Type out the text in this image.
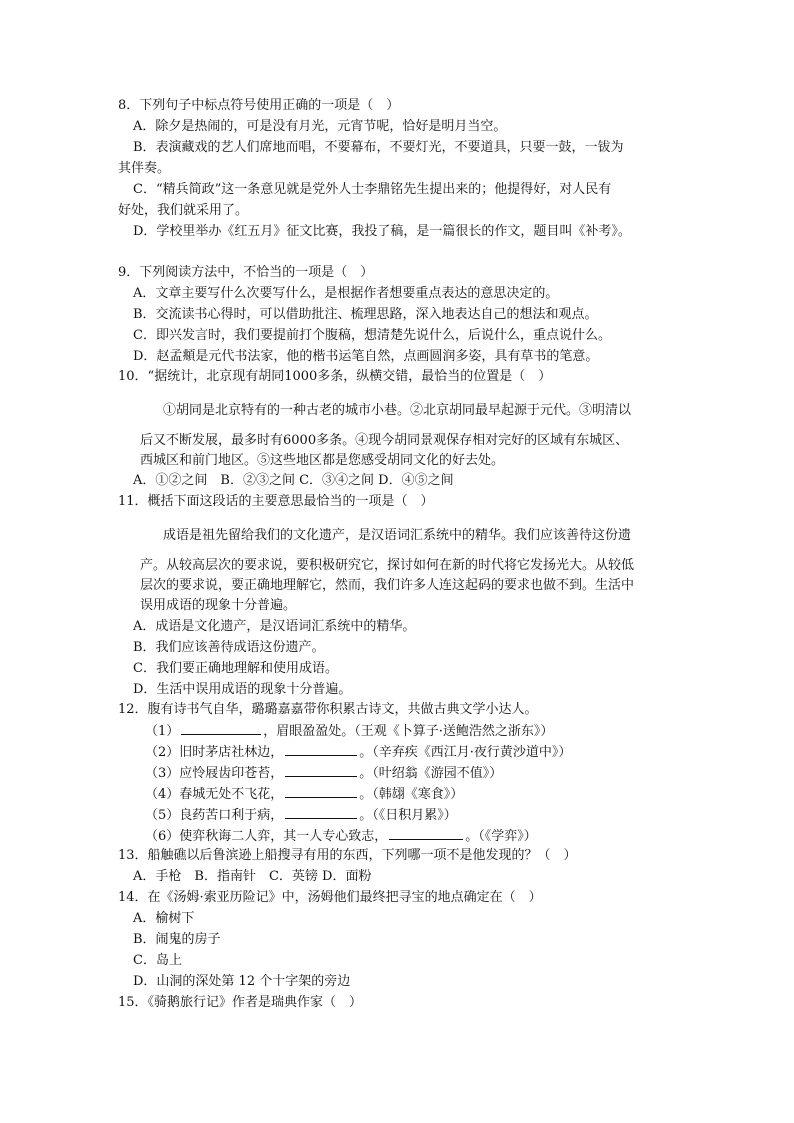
8．下列句子中标点符号使用正确的一项是（　）
A．除夕是热闹的，可是没有月光，元宵节呢，恰好是明月当空。
B．表演藏戏的艺人们席地而唱，不要幕布，不要灯光，不要道具，只要一鼓，一钹为
其伴奏。
C．“精兵简政”这一条意见就是党外人士李鼎铭先生提出来的；他提得好，对人民有
好处，我们就采用了。
D．学校里举办《红五月》征文比赛，我投了稿，是一篇很长的作文，题目叫《补考》。
9．下列阅读方法中，不恰当的一项是（　）
A．文章主要写什么次要写什么，是根据作者想要重点表达的意思决定的。
B．交流读书心得时，可以借助批注、梳理思路，深入地表达自己的想法和观点。
C．即兴发言时，我们要提前打个腹稿，想清楚先说什么，后说什么，重点说什么。
D．赵孟頫是元代书法家，他的楷书运笔自然，点画圆润多姿，具有草书的笔意。
10．“据统计，北京现有胡同1000多条，纵横交错，最恰当的位置是（　）
①胡同是北京特有的一种古老的城市小巷。②北京胡同最早起源于元代。③明清以
后又不断发展，最多时有6000多条。④现今胡同景观保存相对完好的区域有东城区、
西城区和前门地区。⑤这些地区都是您感受胡同文化的好去处。
A．①②之间　B．②③之间 C．③④之间 D．④⑤之间
11．概括下面这段话的主要意思最恰当的一项是（　）
成语是祖先留给我们的文化遗产，是汉语词汇系统中的精华。我们应该善待这份遗
产。从较高层次的要求说，要积极研究它，探讨如何在新的时代将它发扬光大。从较低
层次的要求说，要正确地理解它，然而，我们许多人连这起码的要求也做不到。生活中
误用成语的现象十分普遍。
A．成语是文化遗产，是汉语词汇系统中的精华。
B．我们应该善待成语这份遗产。
C．我们要正确地理解和使用成语。
D．生活中误用成语的现象十分普遍。
12．腹有诗书气自华，璐璐嘉嘉带你积累古诗文，共做古典文学小达人。
（1）	，眉眼盈盈处。（王观《卜算子·送鲍浩然之浙东》）
（2）旧时茅店社林边，	。（辛弃疾《西江月·夜行黄沙道中》）
（3）应怜屐齿印苍苔，	。（叶绍翁《游园不值》）
（4）春城无处不飞花，	。（韩翃《寒食》）
（5）良药苦口利于病，	。（《日积月累》）
（6）使弈秋诲二人弈，其一人专心致志，	。（《学弈》）
13．船触礁以后鲁滨逊上船搜寻有用的东西，下列哪一项不是他发现的？（　）
A．手枪　B．指南针　C．英镑 D．面粉
14．在《汤姆·索亚历险记》中，汤姆他们最终把寻宝的地点确定在（　）
A．榆树下
B．闹鬼的房子
C．岛上
D．山洞的深处第 12 个十字架的旁边
15．《骑鹅旅行记》作者是瑞典作家（　）
